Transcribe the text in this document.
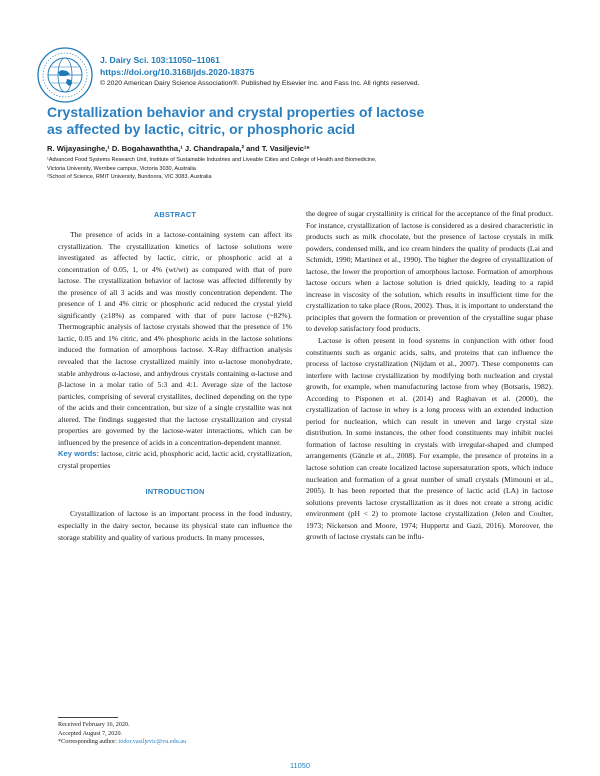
J. Dairy Sci. 103:11050–11061
https://doi.org/10.3168/jds.2020-18375
© 2020 American Dairy Science Association®. Published by Elsevier Inc. and Fass Inc. All rights reserved.
Crystallization behavior and crystal properties of lactose
as affected by lactic, citric, or phosphoric acid
R. Wijayasinghe,¹ D. Bogahawaththa,¹ J. Chandrapala,² and T. Vasiljevic¹*
¹Advanced Food Systems Research Unit, Institute of Sustainable Industries and Liveable Cities and College of Health and Biomedicine,
Victoria University, Werribee campus, Victoria 3030, Australia
²School of Science, RMIT University, Bundoora, VIC 3083, Australia
ABSTRACT

The presence of acids in a lactose-containing system can affect its crystallization. The crystallization kinetics of lactose solutions were investigated as affected by lactic, citric, or phosphoric acid at a concentration of 0.05, 1, or 4% (wt/wt) as compared with that of pure lactose. The crystallization behavior of lactose was affected differently by the presence of all 3 acids and was mostly concentration dependent. The presence of 1 and 4% citric or phosphoric acid reduced the crystal yield significantly (≥18%) as compared with that of pure lactose (~82%). Thermographic analysis of lactose crystals showed that the presence of 1% lactic, 0.05 and 1% citric, and 4% phosphoric acids in the lactose solutions induced the formation of amorphous lactose. X-Ray diffraction analysis revealed that the lactose crystallized mainly into α-lactose monohydrate, stable anhydrous α-lactose, and anhydrous crystals containing α-lactose and β-lactose in a molar ratio of 5:3 and 4:1. Average size of the lactose particles, comprising of several crystallites, declined depending on the type of the acids and their concentration, but size of a single crystallite was not altered. The findings suggested that the lactose crystallization and crystal properties are governed by the lactose-water interactions, which can be influenced by the presence of acids in a concentration-dependent manner.

Key words: lactose, citric acid, phosphoric acid, lactic acid, crystallization, crystal properties

INTRODUCTION

Crystallization of lactose is an important process in the food industry, especially in the dairy sector, because its physical state can influence the storage stability and quality of various products. In many processes,

the degree of sugar crystallinity is critical for the acceptance of the final product. For instance, crystallization of lactose is considered as a desired characteristic in products such as milk chocolate, but the presence of lactose crystals in milk powders, condensed milk, and ice cream hinders the quality of products (Lai and Schmidt, 1990; Martinez et al., 1990). The higher the degree of crystallization of lactose, the lower the proportion of amorphous lactose. Formation of amorphous lactose occurs when a lactose solution is dried quickly, leading to a rapid increase in viscosity of the solution, which results in insufficient time for the crystallization to take place (Roos, 2002). Thus, it is important to understand the principles that govern the formation or prevention of the crystalline sugar phase to develop satisfactory food products.

Lactose is often present in food systems in conjunction with other food constituents such as organic acids, salts, and proteins that can influence the process of lactose crystallization (Nijdam et al., 2007). These components can interfere with lactose crystallization by modifying both nucleation and crystal growth, for example, when manufacturing lactose from whey (Botsaris, 1982). According to Pisponen et al. (2014) and Raghavan et al. (2000), the crystallization of lactose in whey is a long process with an extended induction period for nucleation, which can result in uneven and large crystal size distribution. In some instances, the other food constituents may inhibit nuclei formation of lactose resulting in crystals with irregular-shaped and clumped arrangements (Gänzle et al., 2008). For example, the presence of proteins in a lactose solution can create localized lactose supersaturation spots, which induce nucleation and formation of a great number of small crystals (Mimouni et al., 2005). It has been reported that the presence of lactic acid (LA) in lactose solutions prevents lactose crystallization as it does not create a strong acidic environment (pH < 2) to promote lactose crystallization (Jelen and Coulter, 1973; Nickerson and Moore, 1974; Huppertz and Gazi, 2016). Moreover, the growth of lactose crystals can be influ-

Received February 16, 2020.
Accepted August 7, 2020.
*Corresponding author: todor.vasiljevic@vu.edu.au
11050
